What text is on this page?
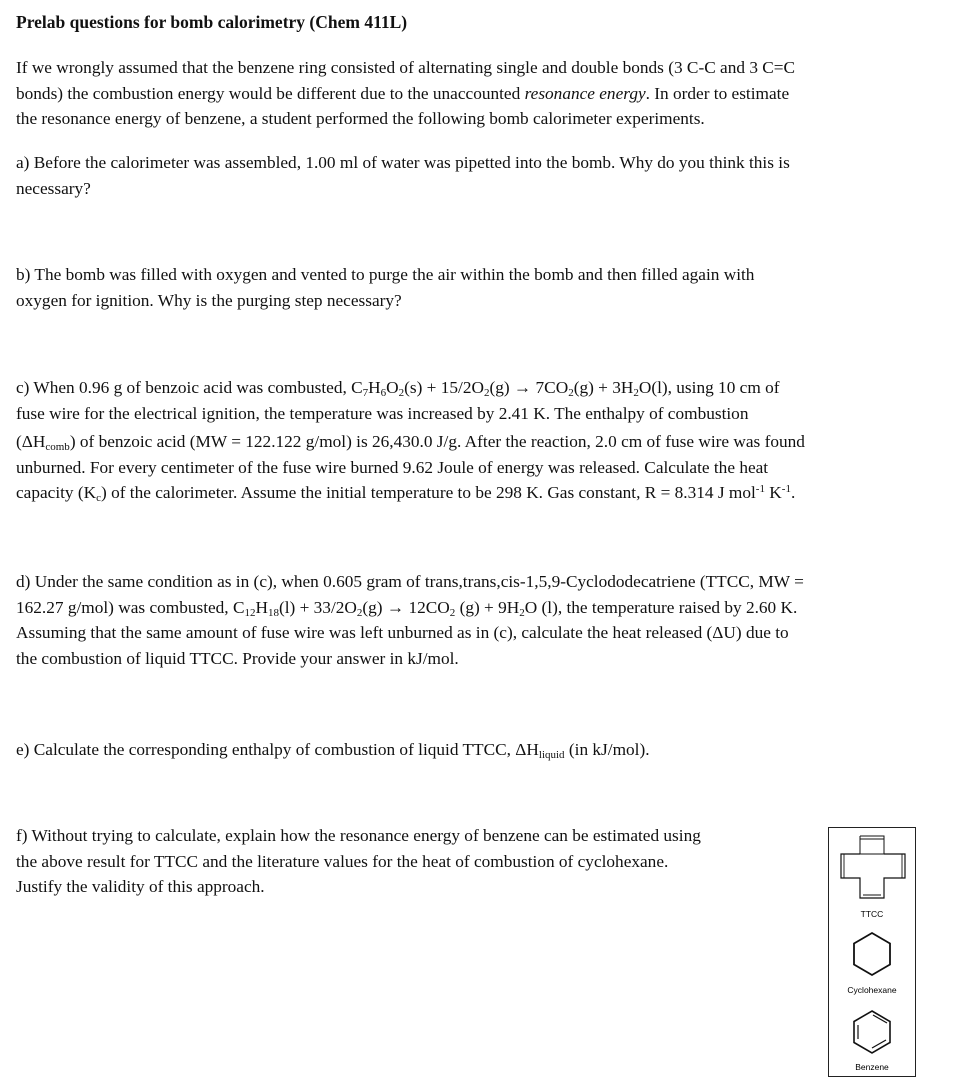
Prelab questions for bomb calorimetry (Chem 411L)
If we wrongly assumed that the benzene ring consisted of alternating single and double bonds (3 C-C and 3 C=C
bonds) the combustion energy would be different due to the unaccounted resonance energy. In order to estimate
the resonance energy of benzene, a student performed the following bomb calorimeter experiments.
a) Before the calorimeter was assembled, 1.00 ml of water was pipetted into the bomb. Why do you think this is
necessary?
b) The bomb was filled with oxygen and vented to purge the air within the bomb and then filled again with
oxygen for ignition. Why is the purging step necessary?
c) When 0.96 g of benzoic acid was combusted, $C_7H_6O_2(s) + 15/2O_2(g) \to 7CO_2(g) + 3H_2O(l)$, using 10 cm of
fuse wire for the electrical ignition, the temperature was increased by 2.41 K. The enthalpy of combustion
$(\Delta H_{comb})$ of benzoic acid (MW = 122.122 g/mol) is 26,430.0 J/g. After the reaction, 2.0 cm of fuse wire was found
unburned. For every centimeter of the fuse wire burned 9.62 Joule of energy was released. Calculate the heat
capacity $(K_c)$ of the calorimeter. Assume the initial temperature to be 298 K. Gas constant, R = 8.314 J mol$^{-1}$ $K^{-1}$.
d) Under the same condition as in (c), when 0.605 gram of trans,trans,cis-1,5,9-Cyclododecatriene (TTCC, MW =
162.27 g/mol) was combusted, $C_{12}H_{18}(l) + 33/2O_2(g) \to 12CO_2$ $(g) + 9H_2O$ (l), the temperature raised by 2.60 K.
Assuming that the same amount of fuse wire was left unburned as in (c), calculate the heat released (ΔU) due to
the combustion of liquid TTCC. Provide your answer in kJ/mol.
e) Calculate the corresponding enthalpy of combustion of liquid TTCC, $\Delta H_{liquid}$ (in kJ/mol).
f) Without trying to calculate, explain how the resonance energy of benzene can be estimated using
the above result for TTCC and the literature values for the heat of combustion of cyclohexane.
Justify the validity of this approach.
TTCC
Cyclohexane
Benzene
